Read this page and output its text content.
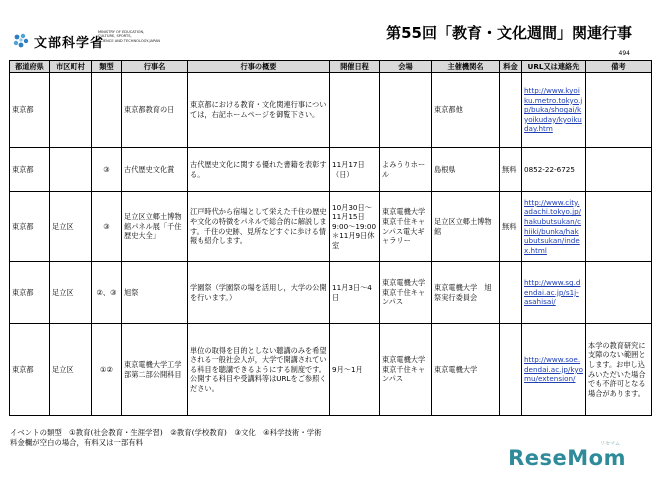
文部科学省
MINISTRY OF EDUCATION,
CULTURE, SPORTS,
SCIENCE AND TECHNOLOGY-JAPAN	第55回「教育・文化週間」関連行事
494
都道府県	市区町村	類型	行事名	行事の概要	開催日程	会場	主催機関名	料金	URL又は連絡先	備考
東京都			東京都教育の日	東京都における教育・文化関連行事については，右記ホームページを御覧下さい。			東京都他		http://www.kyoiku.metro.tokyo.jp/buka/shogai/kyoikuday/kyoikuday.htm	
東京都		③	古代歴史文化賞	古代歴史文化に関する優れた書籍を表彰する。	11月17日（日）	よみうりホール	島根県	無料	0852-22-6725	
東京都	足立区	③	足立区立郷土博物館パネル展「千住歴史大全」	江戸時代から宿場として栄えた千住の歴史や文化の特徴をパネルで総合的に解説します。千住の史跡、見所などすぐに歩ける情報も紹介します。	10月30日～11月15日　9:00～19:00　＊11月9日休室	東京電機大学東京千住キャンパス電大ギャラリー	足立区立郷土博物館	無料	http://www.city.adachi.tokyo.jp/hakubutsukan/chiiki/bunka/hakubutsukan/index.html	
東京都	足立区	②、③	旭祭	学園祭（学園祭の場を活用し，大学の公開を行います。）	11月3日～4日	東京電機大学東京千住キャンパス	東京電機大学　旭祭実行委員会		http://www.sg.dendai.ac.jp/s1j-asahisai/	
東京都	足立区	①②	東京電機大学工学部第二部公開科目	単位の取得を目的としない聴講のみを希望される一般社会人が，大学で開講されている科目を聴講できるようにする制度です。公開する科目や受講料等はURLをご参照ください。	9月～1月	東京電機大学東京千住キャンパス	東京電機大学		http://www.soe.dendai.ac.jp/kyomu/extension/	本学の教育研究に支障のない範囲とします。お申し込みいただいた場合でも不許可となる場合があります。
イベントの類型　①教育(社会教育・生涯学習)　②教育(学校教育)　③文化　④科学技術・学術
料金欄が空白の場合，有料又は一部有料	リセマム
ReseMom
